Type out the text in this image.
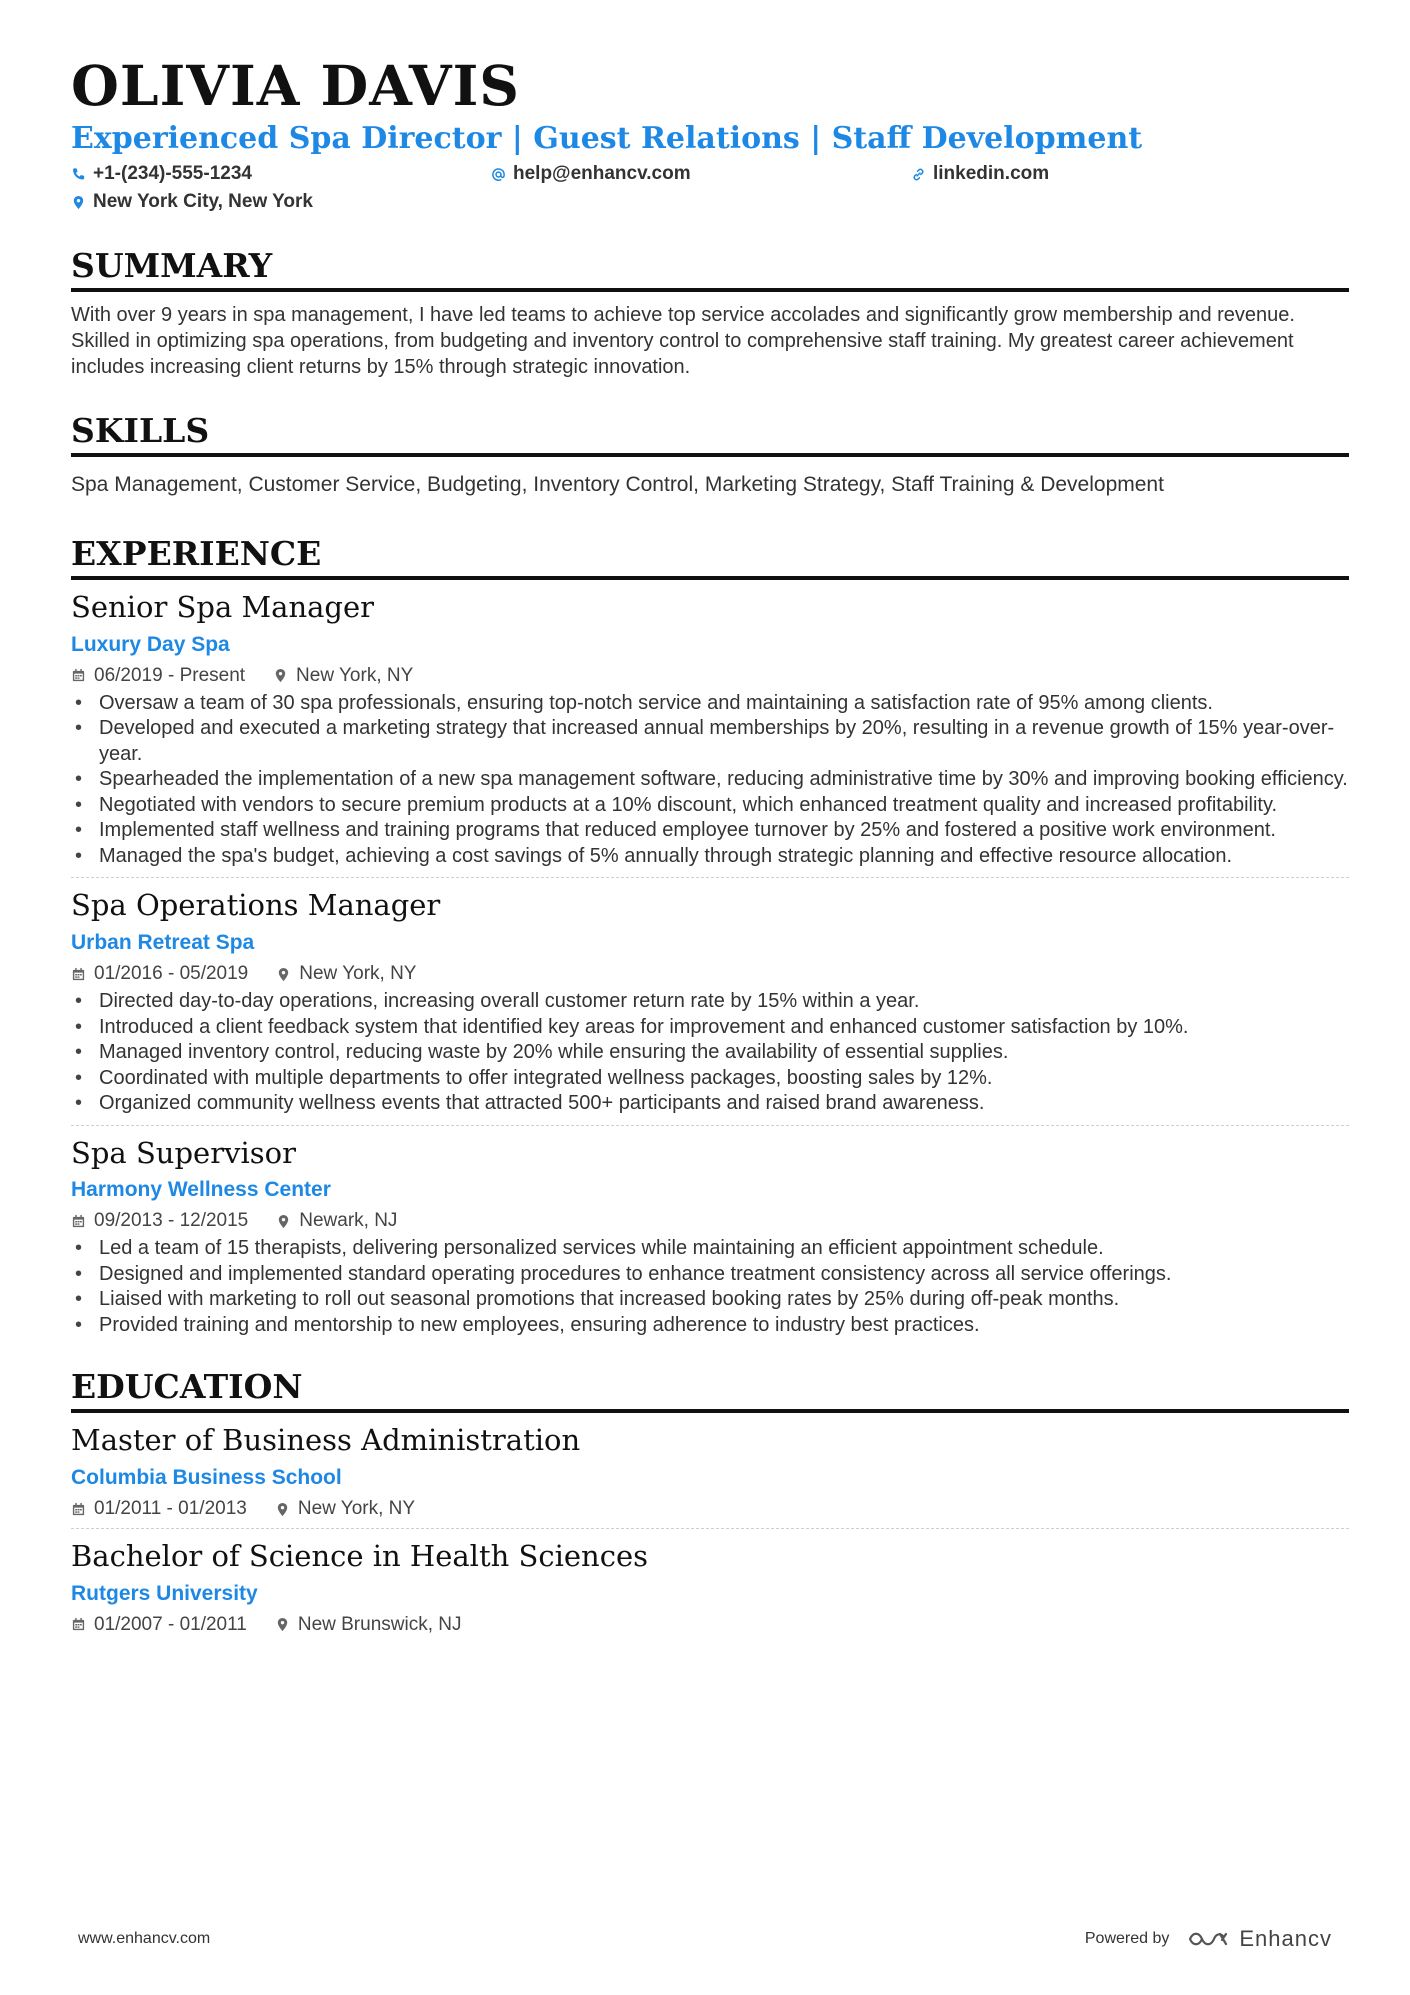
OLIVIA DAVIS
Experienced Spa Director | Guest Relations | Staff Development
+1-(234)-555-1234	help@enhancv.com	linkedin.com
New York City, New York
SUMMARY
With over 9 years in spa management, I have led teams to achieve top service accolades and significantly grow membership and revenue. Skilled in optimizing spa operations, from budgeting and inventory control to comprehensive staff training. My greatest career achievement includes increasing client returns by 15% through strategic innovation.
SKILLS
Spa Management, Customer Service, Budgeting, Inventory Control, Marketing Strategy, Staff Training & Development
EXPERIENCE
Senior Spa Manager
Luxury Day Spa
06/2019 - Present	New York, NY
• Oversaw a team of 30 spa professionals, ensuring top-notch service and maintaining a satisfaction rate of 95% among clients.
• Developed and executed a marketing strategy that increased annual memberships by 20%, resulting in a revenue growth of 15% year-over-year.
• Spearheaded the implementation of a new spa management software, reducing administrative time by 30% and improving booking efficiency.
• Negotiated with vendors to secure premium products at a 10% discount, which enhanced treatment quality and increased profitability.
• Implemented staff wellness and training programs that reduced employee turnover by 25% and fostered a positive work environment.
• Managed the spa's budget, achieving a cost savings of 5% annually through strategic planning and effective resource allocation.
Spa Operations Manager
Urban Retreat Spa
01/2016 - 05/2019	New York, NY
• Directed day-to-day operations, increasing overall customer return rate by 15% within a year.
• Introduced a client feedback system that identified key areas for improvement and enhanced customer satisfaction by 10%.
• Managed inventory control, reducing waste by 20% while ensuring the availability of essential supplies.
• Coordinated with multiple departments to offer integrated wellness packages, boosting sales by 12%.
• Organized community wellness events that attracted 500+ participants and raised brand awareness.
Spa Supervisor
Harmony Wellness Center
09/2013 - 12/2015	Newark, NJ
• Led a team of 15 therapists, delivering personalized services while maintaining an efficient appointment schedule.
• Designed and implemented standard operating procedures to enhance treatment consistency across all service offerings.
• Liaised with marketing to roll out seasonal promotions that increased booking rates by 25% during off-peak months.
• Provided training and mentorship to new employees, ensuring adherence to industry best practices.
EDUCATION
Master of Business Administration
Columbia Business School
01/2011 - 01/2013	New York, NY
Bachelor of Science in Health Sciences
Rutgers University
01/2007 - 01/2011	New Brunswick, NJ
www.enhancv.com	Powered by	Enhancv
